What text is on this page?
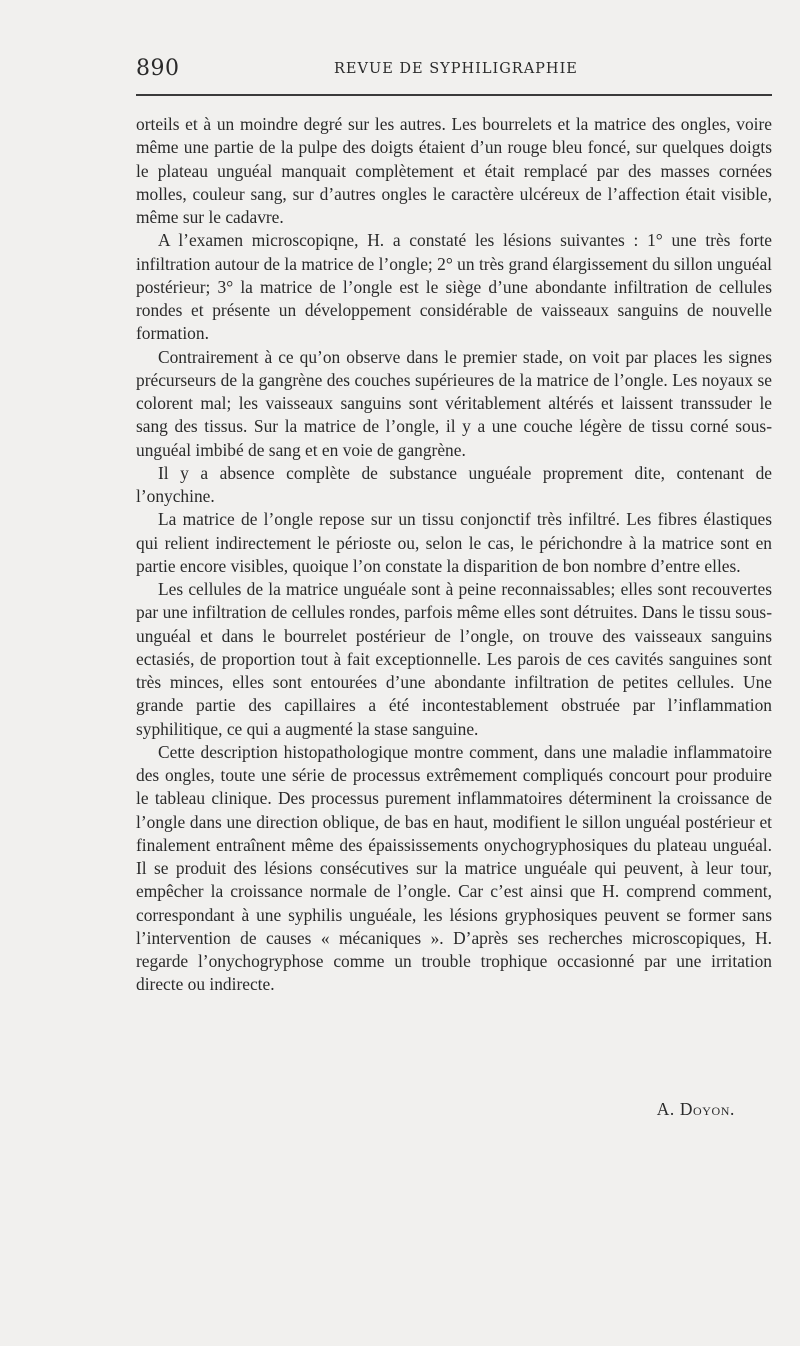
890	REVUE DE SYPHILIGRAPHIE

orteils et à un moindre degré sur les autres. Les bourrelets et la matrice des ongles, voire même une partie de la pulpe des doigts étaient d’un rouge bleu foncé, sur quelques doigts le plateau unguéal manquait complètement et était remplacé par des masses cornées molles, couleur sang, sur d’autres ongles le caractère ulcéreux de l’affection était visible, même sur le cadavre.

A l’examen microscopiqne, H. a constaté les lésions suivantes : 1° une très forte infiltration autour de la matrice de l’ongle; 2° un très grand élargissement du sillon unguéal postérieur; 3° la matrice de l’ongle est le siège d’une abondante infiltration de cellules rondes et présente un développement considérable de vaisseaux sanguins de nouvelle formation.

Contrairement à ce qu’on observe dans le premier stade, on voit par places les signes précurseurs de la gangrène des couches supérieures de la matrice de l’ongle. Les noyaux se colorent mal; les vaisseaux sanguins sont véritablement altérés et laissent transsuder le sang des tissus. Sur la matrice de l’ongle, il y a une couche légère de tissu corné sous-unguéal imbibé de sang et en voie de gangrène.

Il y a absence complète de substance unguéale proprement dite, contenant de l’onychine.

La matrice de l’ongle repose sur un tissu conjonctif très infiltré. Les fibres élastiques qui relient indirectement le périoste ou, selon le cas, le périchondre à la matrice sont en partie encore visibles, quoique l’on constate la disparition de bon nombre d’entre elles.

Les cellules de la matrice unguéale sont à peine reconnaissables; elles sont recouvertes par une infiltration de cellules rondes, parfois même elles sont détruites. Dans le tissu sous-unguéal et dans le bourrelet postérieur de l’ongle, on trouve des vaisseaux sanguins ectasiés, de proportion tout à fait exceptionnelle. Les parois de ces cavités sanguines sont très minces, elles sont entourées d’une abondante infiltration de petites cellules. Une grande partie des capillaires a été incontestablement obstruée par l’inflammation syphilitique, ce qui a augmenté la stase sanguine.

Cette description histopathologique montre comment, dans une maladie inflammatoire des ongles, toute une série de processus extrêmement compliqués concourt pour produire le tableau clinique. Des processus purement inflammatoires déterminent la croissance de l’ongle dans une direction oblique, de bas en haut, modifient le sillon unguéal postérieur et finalement entraînent même des épaississements onychogryphosiques du plateau unguéal. Il se produit des lésions consécutives sur la matrice unguéale qui peuvent, à leur tour, empêcher la croissance normale de l’ongle. Car c’est ainsi que H. comprend comment, correspondant à une syphilis unguéale, les lésions gryphosiques peuvent se former sans l’intervention de causes « mécaniques ». D’après ses recherches microscopiques, H. regarde l’onychogryphose comme un trouble trophique occasionné par une irritation directe ou indirecte.

A. Doyon.
